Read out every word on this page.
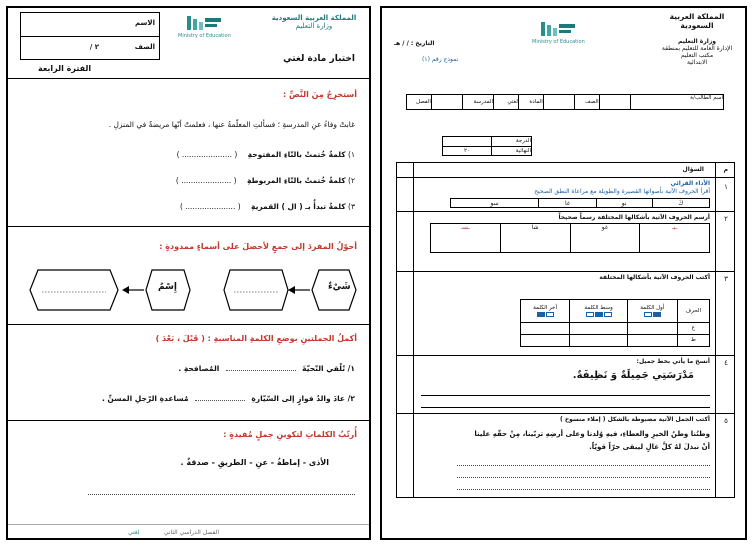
الاسم
الصف
٢ /
Ministry of Education
المملكة العربية السعودية
وزارة التعليم
اختبار مادة لغتي
الفترة الرابعة
أستخرِجُ مِنَ النَّصِّ :
غابتْ وفاءُ عنِ المدرسةِ ؛ فسألتِ المعلّمةُ عنها ، فعلمتْ أنّها مريضةٌ في المنزلِ .
١) كلمةٌ خُتمتْ بالتّاءِ المفتوحةِ ( ..................... )
٢) كلمةٌ خُتمتْ بالتّاءِ المربوطةِ ( ..................... )
٣) كلمةٌ تبدأُ بـ ( ال ) القمريةِ ( ..................... )
أحوّلُ المفردَ إلى جمعٍ لأحصلَ على أسماءٍ ممدودةٍ :
شَيْءٌ
إِسْمٌ
أكملُ الجملتينِ بوضعِ الكلمةِ المناسبةِ : ( قَبْلَ ، بَعْدَ )
١/ تُلْقي التّحيّةَ  المُصافحةِ .
٢/ عادَ والدُ فوازٍ إلى السّيّارةِ  مُساعدةِ الرّجلِ المسنِّ .
أُرتّبُ الكلماتِ لتكوينِ جملٍ مُفيدةٍ :
الأذى - إماطةُ - عنِ - الطريقِ - صدقةٌ .
الفصل الدراسي الثاني
لغتي
المملكة العربية السعودية
وزارة التعليم
الإدارة العامة للتعليم بمنطقة
مكتب التعليم
الابتدائية
Ministry of Education
التاريخ : / / هـ
نموذج رقم (١)
اسم الطالب/ة		الصف		المادة	لغتي	المدرسة		الفصل
الدرجة	
النهائية	٢٠
م
السؤال
١
الأداء القرائي
أقرأ الحروف الآتية بأصواتها القصيرة والطويلة مع مراعاة النطق الصحيح
كَ	نو	غا	سو
٢
أرسم الحروف الآتية بأشكالها المختلفة رسماً صحيحاً
ـبـ	غو	شا	ـسـ
٣
أكتب الحروف الآتية بأشكالها المختلفة
الحرف	أول الكلمة	وسط الكلمة	آخر الكلمة

ع			
ط			
٤
أنسخ ما يأتي بخط جميل:
مَدْرَسَتِي جَمِيلَةٌ وَ نَظِيفَةٌ.
٥
أكتب الجمل الآتية مضبوطة بالشكل ( إملاء منسوخ )
وطنُنا وطنُ الخيرِ والعطاءِ، فيهِ وُلدنا وعلى أرضِهِ تربّينا، مِنْ حقّهِ علينا
أنْ نبذلَ لهُ كلَّ غالٍ ليبقى حرّاً قويّاً.
